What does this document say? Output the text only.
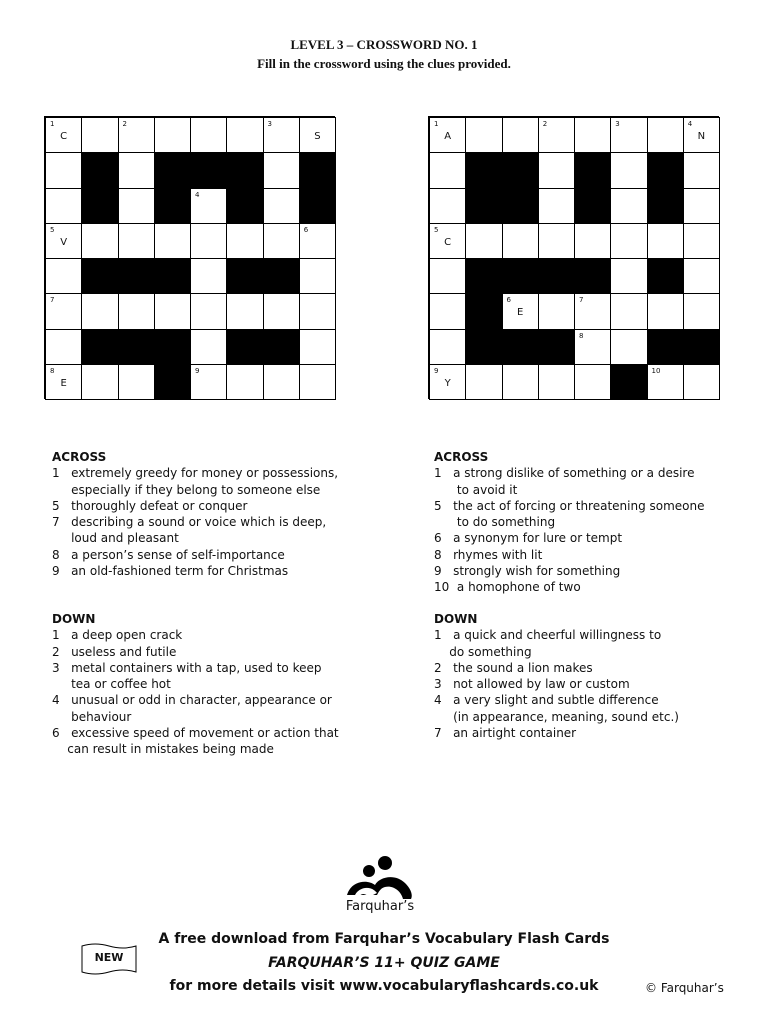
LEVEL 3 – CROSSWORD NO. 1
Fill in the crossword using the clues provided.
1
C
2	3
S
4
5
V
6
7
8
E
9
1
A
2	3	4
N
5
C
6
E
7
8
9
Y
10
ACROSS
1   extremely greedy for money or possessions,
especially if they belong to someone else
5   thoroughly defeat or conquer
7   describing a sound or voice which is deep,
loud and pleasant
8   a person’s sense of self-importance
9   an old-fashioned term for Christmas
DOWN
1   a deep open crack
2   useless and futile
3   metal containers with a tap, used to keep
tea or coffee hot
4   unusual or odd in character, appearance or
behaviour
6   excessive speed of movement or action that
can result in mistakes being made
ACROSS
1   a strong dislike of something or a desire
to avoid it
5   the act of forcing or threatening someone
to do something
6   a synonym for lure or tempt
8   rhymes with lit
9   strongly wish for something
10  a homophone of two
DOWN
1   a quick and cheerful willingness to
do something
2   the sound a lion makes
3   not allowed by law or custom
4   a very slight and subtle difference
(in appearance, meaning, sound etc.)
7   an airtight container
Farquhar’s
NEW
A free download from Farquhar’s Vocabulary Flash Cards
FARQUHAR’S 11+ QUIZ GAME
for more details visit www.vocabularyflashcards.co.uk	© Farquhar’s
